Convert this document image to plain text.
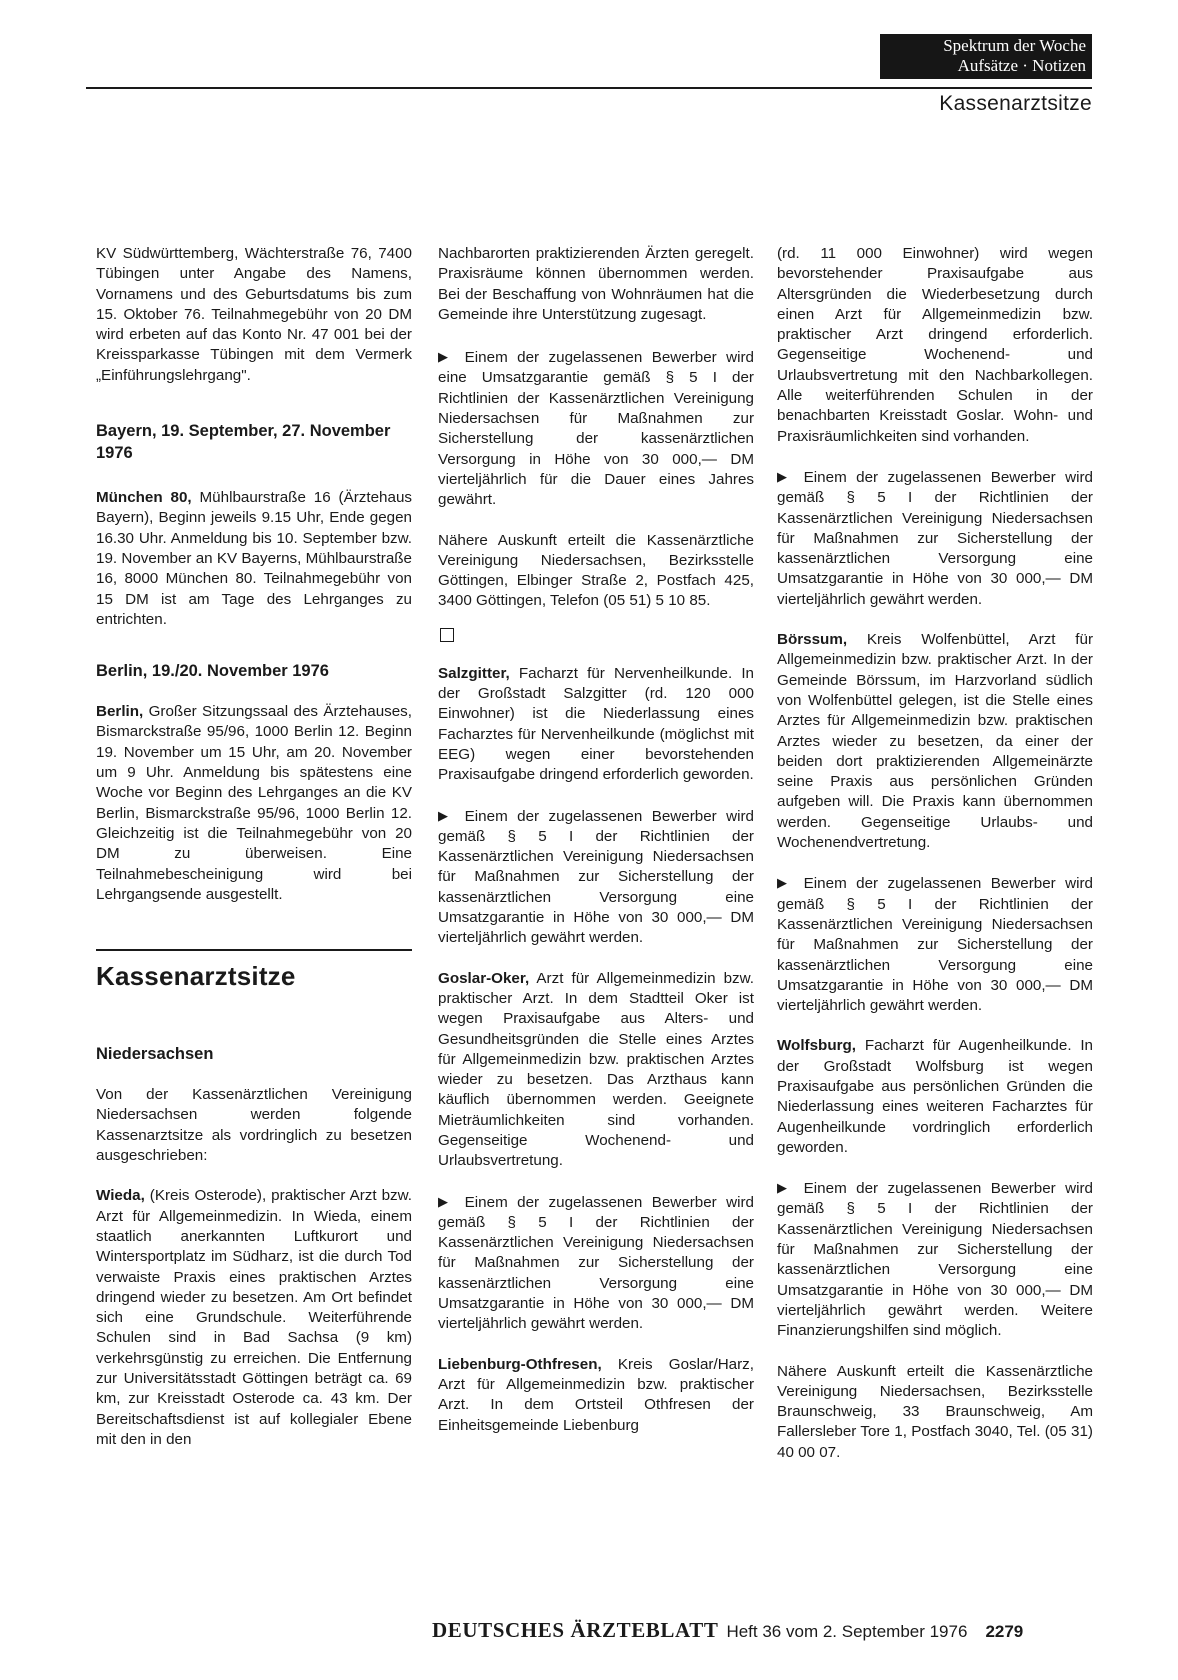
Spektrum der Woche
Aufsätze · Notizen
Kassenarztsitze

KV Südwürttemberg, Wächterstraße 76, 7400 Tübingen unter Angabe des Namens, Vornamens und des Geburtsdatums bis zum 15. Oktober 76. Teilnahmegebühr von 20 DM wird erbeten auf das Konto Nr. 47 001 bei der Kreissparkasse Tübingen mit dem Vermerk „Einführungslehrgang".

Bayern, 19. September, 27. November 1976

München 80, Mühlbaurstraße 16 (Ärztehaus Bayern), Beginn jeweils 9.15 Uhr, Ende gegen 16.30 Uhr. Anmeldung bis 10. September bzw. 19. November an KV Bayerns, Mühlbaurstraße 16, 8000 München 80. Teilnahmegebühr von 15 DM ist am Tage des Lehrganges zu entrichten.

Berlin, 19./20. November 1976

Berlin, Großer Sitzungssaal des Ärztehauses, Bismarckstraße 95/96, 1000 Berlin 12. Beginn 19. November um 15 Uhr, am 20. November um 9 Uhr. Anmeldung bis spätestens eine Woche vor Beginn des Lehrganges an die KV Berlin, Bismarckstraße 95/96, 1000 Berlin 12. Gleichzeitig ist die Teilnahmegebühr von 20 DM zu überweisen. Eine Teilnahmebescheinigung wird bei Lehrgangsende ausgestellt.

Kassenarztsitze
Niedersachsen

Von der Kassenärztlichen Vereinigung Niedersachsen werden folgende Kassenarztsitze als vordringlich zu besetzen ausgeschrieben:

Wieda, (Kreis Osterode), praktischer Arzt bzw. Arzt für Allgemeinmedizin. In Wieda, einem staatlich anerkannten Luftkurort und Wintersportplatz im Südharz, ist die durch Tod verwaiste Praxis eines praktischen Arztes dringend wieder zu besetzen. Am Ort befindet sich eine Grundschule. Weiterführende Schulen sind in Bad Sachsa (9 km) verkehrsgünstig zu erreichen. Die Entfernung zur Universitätsstadt Göttingen beträgt ca. 69 km, zur Kreisstadt Osterode ca. 43 km. Der Bereitschaftsdienst ist auf kollegialer Ebene mit den in den

Nachbarorten praktizierenden Ärzten geregelt. Praxisräume können übernommen werden. Bei der Beschaffung von Wohnräumen hat die Gemeinde ihre Unterstützung zugesagt.

▶ Einem der zugelassenen Bewerber wird eine Umsatzgarantie gemäß § 5 I der Richtlinien der Kassenärztlichen Vereinigung Niedersachsen für Maßnahmen zur Sicherstellung der kassenärztlichen Versorgung in Höhe von 30 000,— DM vierteljährlich für die Dauer eines Jahres gewährt.

Nähere Auskunft erteilt die Kassenärztliche Vereinigung Niedersachsen, Bezirksstelle Göttingen, Elbinger Straße 2, Postfach 425, 3400 Göttingen, Telefon (05 51) 5 10 85.

Salzgitter, Facharzt für Nervenheilkunde. In der Großstadt Salzgitter (rd. 120 000 Einwohner) ist die Niederlassung eines Facharztes für Nervenheilkunde (möglichst mit EEG) wegen einer bevorstehenden Praxisaufgabe dringend erforderlich geworden.

▶ Einem der zugelassenen Bewerber wird gemäß § 5 I der Richtlinien der Kassenärztlichen Vereinigung Niedersachsen für Maßnahmen zur Sicherstellung der kassenärztlichen Versorgung eine Umsatzgarantie in Höhe von 30 000,— DM vierteljährlich gewährt werden.

Goslar-Oker, Arzt für Allgemeinmedizin bzw. praktischer Arzt. In dem Stadtteil Oker ist wegen Praxisaufgabe aus Alters- und Gesundheitsgründen die Stelle eines Arztes für Allgemeinmedizin bzw. praktischen Arztes wieder zu besetzen. Das Arzthaus kann käuflich übernommen werden. Geeignete Mieträumlichkeiten sind vorhanden. Gegenseitige Wochenend- und Urlaubsvertretung.

▶ Einem der zugelassenen Bewerber wird gemäß § 5 I der Richtlinien der Kassenärztlichen Vereinigung Niedersachsen für Maßnahmen zur Sicherstellung der kassenärztlichen Versorgung eine Umsatzgarantie in Höhe von 30 000,— DM vierteljährlich gewährt werden.

Liebenburg-Othfresen, Kreis Goslar/Harz, Arzt für Allgemeinmedizin bzw. praktischer Arzt. In dem Ortsteil Othfresen der Einheitsgemeinde Liebenburg

(rd. 11 000 Einwohner) wird wegen bevorstehender Praxisaufgabe aus Altersgründen die Wiederbesetzung durch einen Arzt für Allgemeinmedizin bzw. praktischer Arzt dringend erforderlich. Gegenseitige Wochenend- und Urlaubsvertretung mit den Nachbarkollegen. Alle weiterführenden Schulen in der benachbarten Kreisstadt Goslar. Wohn- und Praxisräumlichkeiten sind vorhanden.

▶ Einem der zugelassenen Bewerber wird gemäß § 5 I der Richtlinien der Kassenärztlichen Vereinigung Niedersachsen für Maßnahmen zur Sicherstellung der kassenärztlichen Versorgung eine Umsatzgarantie in Höhe von 30 000,— DM vierteljährlich gewährt werden.

Börssum, Kreis Wolfenbüttel, Arzt für Allgemeinmedizin bzw. praktischer Arzt. In der Gemeinde Börssum, im Harzvorland südlich von Wolfenbüttel gelegen, ist die Stelle eines Arztes für Allgemeinmedizin bzw. praktischen Arztes wieder zu besetzen, da einer der beiden dort praktizierenden Allgemeinärzte seine Praxis aus persönlichen Gründen aufgeben will. Die Praxis kann übernommen werden. Gegenseitige Urlaubs- und Wochenendvertretung.

▶ Einem der zugelassenen Bewerber wird gemäß § 5 I der Richtlinien der Kassenärztlichen Vereinigung Niedersachsen für Maßnahmen zur Sicherstellung der kassenärztlichen Versorgung eine Umsatzgarantie in Höhe von 30 000,— DM vierteljährlich gewährt werden.

Wolfsburg, Facharzt für Augenheilkunde. In der Großstadt Wolfsburg ist wegen Praxisaufgabe aus persönlichen Gründen die Niederlassung eines weiteren Facharztes für Augenheilkunde vordringlich erforderlich geworden.

▶ Einem der zugelassenen Bewerber wird gemäß § 5 I der Richtlinien der Kassenärztlichen Vereinigung Niedersachsen für Maßnahmen zur Sicherstellung der kassenärztlichen Versorgung eine Umsatzgarantie in Höhe von 30 000,— DM vierteljährlich gewährt werden. Weitere Finanzierungshilfen sind möglich.

Nähere Auskunft erteilt die Kassenärztliche Vereinigung Niedersachsen, Bezirksstelle Braunschweig, 33 Braunschweig, Am Fallersleber Tore 1, Postfach 3040, Tel. (05 31) 40 00 07.

DEUTSCHES ÄRZTEBLATT Heft 36 vom 2. September 1976 2279
